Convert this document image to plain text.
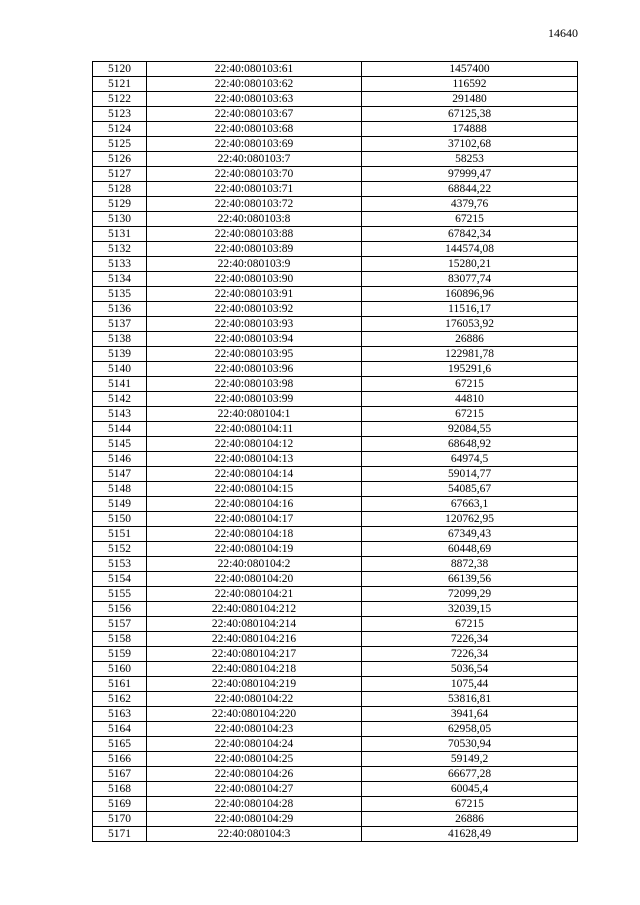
14640
5120	22:40:080103:61	1457400
5121	22:40:080103:62	116592
5122	22:40:080103:63	291480
5123	22:40:080103:67	67125,38
5124	22:40:080103:68	174888
5125	22:40:080103:69	37102,68
5126	22:40:080103:7	58253
5127	22:40:080103:70	97999,47
5128	22:40:080103:71	68844,22
5129	22:40:080103:72	4379,76
5130	22:40:080103:8	67215
5131	22:40:080103:88	67842,34
5132	22:40:080103:89	144574,08
5133	22:40:080103:9	15280,21
5134	22:40:080103:90	83077,74
5135	22:40:080103:91	160896,96
5136	22:40:080103:92	11516,17
5137	22:40:080103:93	176053,92
5138	22:40:080103:94	26886
5139	22:40:080103:95	122981,78
5140	22:40:080103:96	195291,6
5141	22:40:080103:98	67215
5142	22:40:080103:99	44810
5143	22:40:080104:1	67215
5144	22:40:080104:11	92084,55
5145	22:40:080104:12	68648,92
5146	22:40:080104:13	64974,5
5147	22:40:080104:14	59014,77
5148	22:40:080104:15	54085,67
5149	22:40:080104:16	67663,1
5150	22:40:080104:17	120762,95
5151	22:40:080104:18	67349,43
5152	22:40:080104:19	60448,69
5153	22:40:080104:2	8872,38
5154	22:40:080104:20	66139,56
5155	22:40:080104:21	72099,29
5156	22:40:080104:212	32039,15
5157	22:40:080104:214	67215
5158	22:40:080104:216	7226,34
5159	22:40:080104:217	7226,34
5160	22:40:080104:218	5036,54
5161	22:40:080104:219	1075,44
5162	22:40:080104:22	53816,81
5163	22:40:080104:220	3941,64
5164	22:40:080104:23	62958,05
5165	22:40:080104:24	70530,94
5166	22:40:080104:25	59149,2
5167	22:40:080104:26	66677,28
5168	22:40:080104:27	60045,4
5169	22:40:080104:28	67215
5170	22:40:080104:29	26886
5171	22:40:080104:3	41628,49
